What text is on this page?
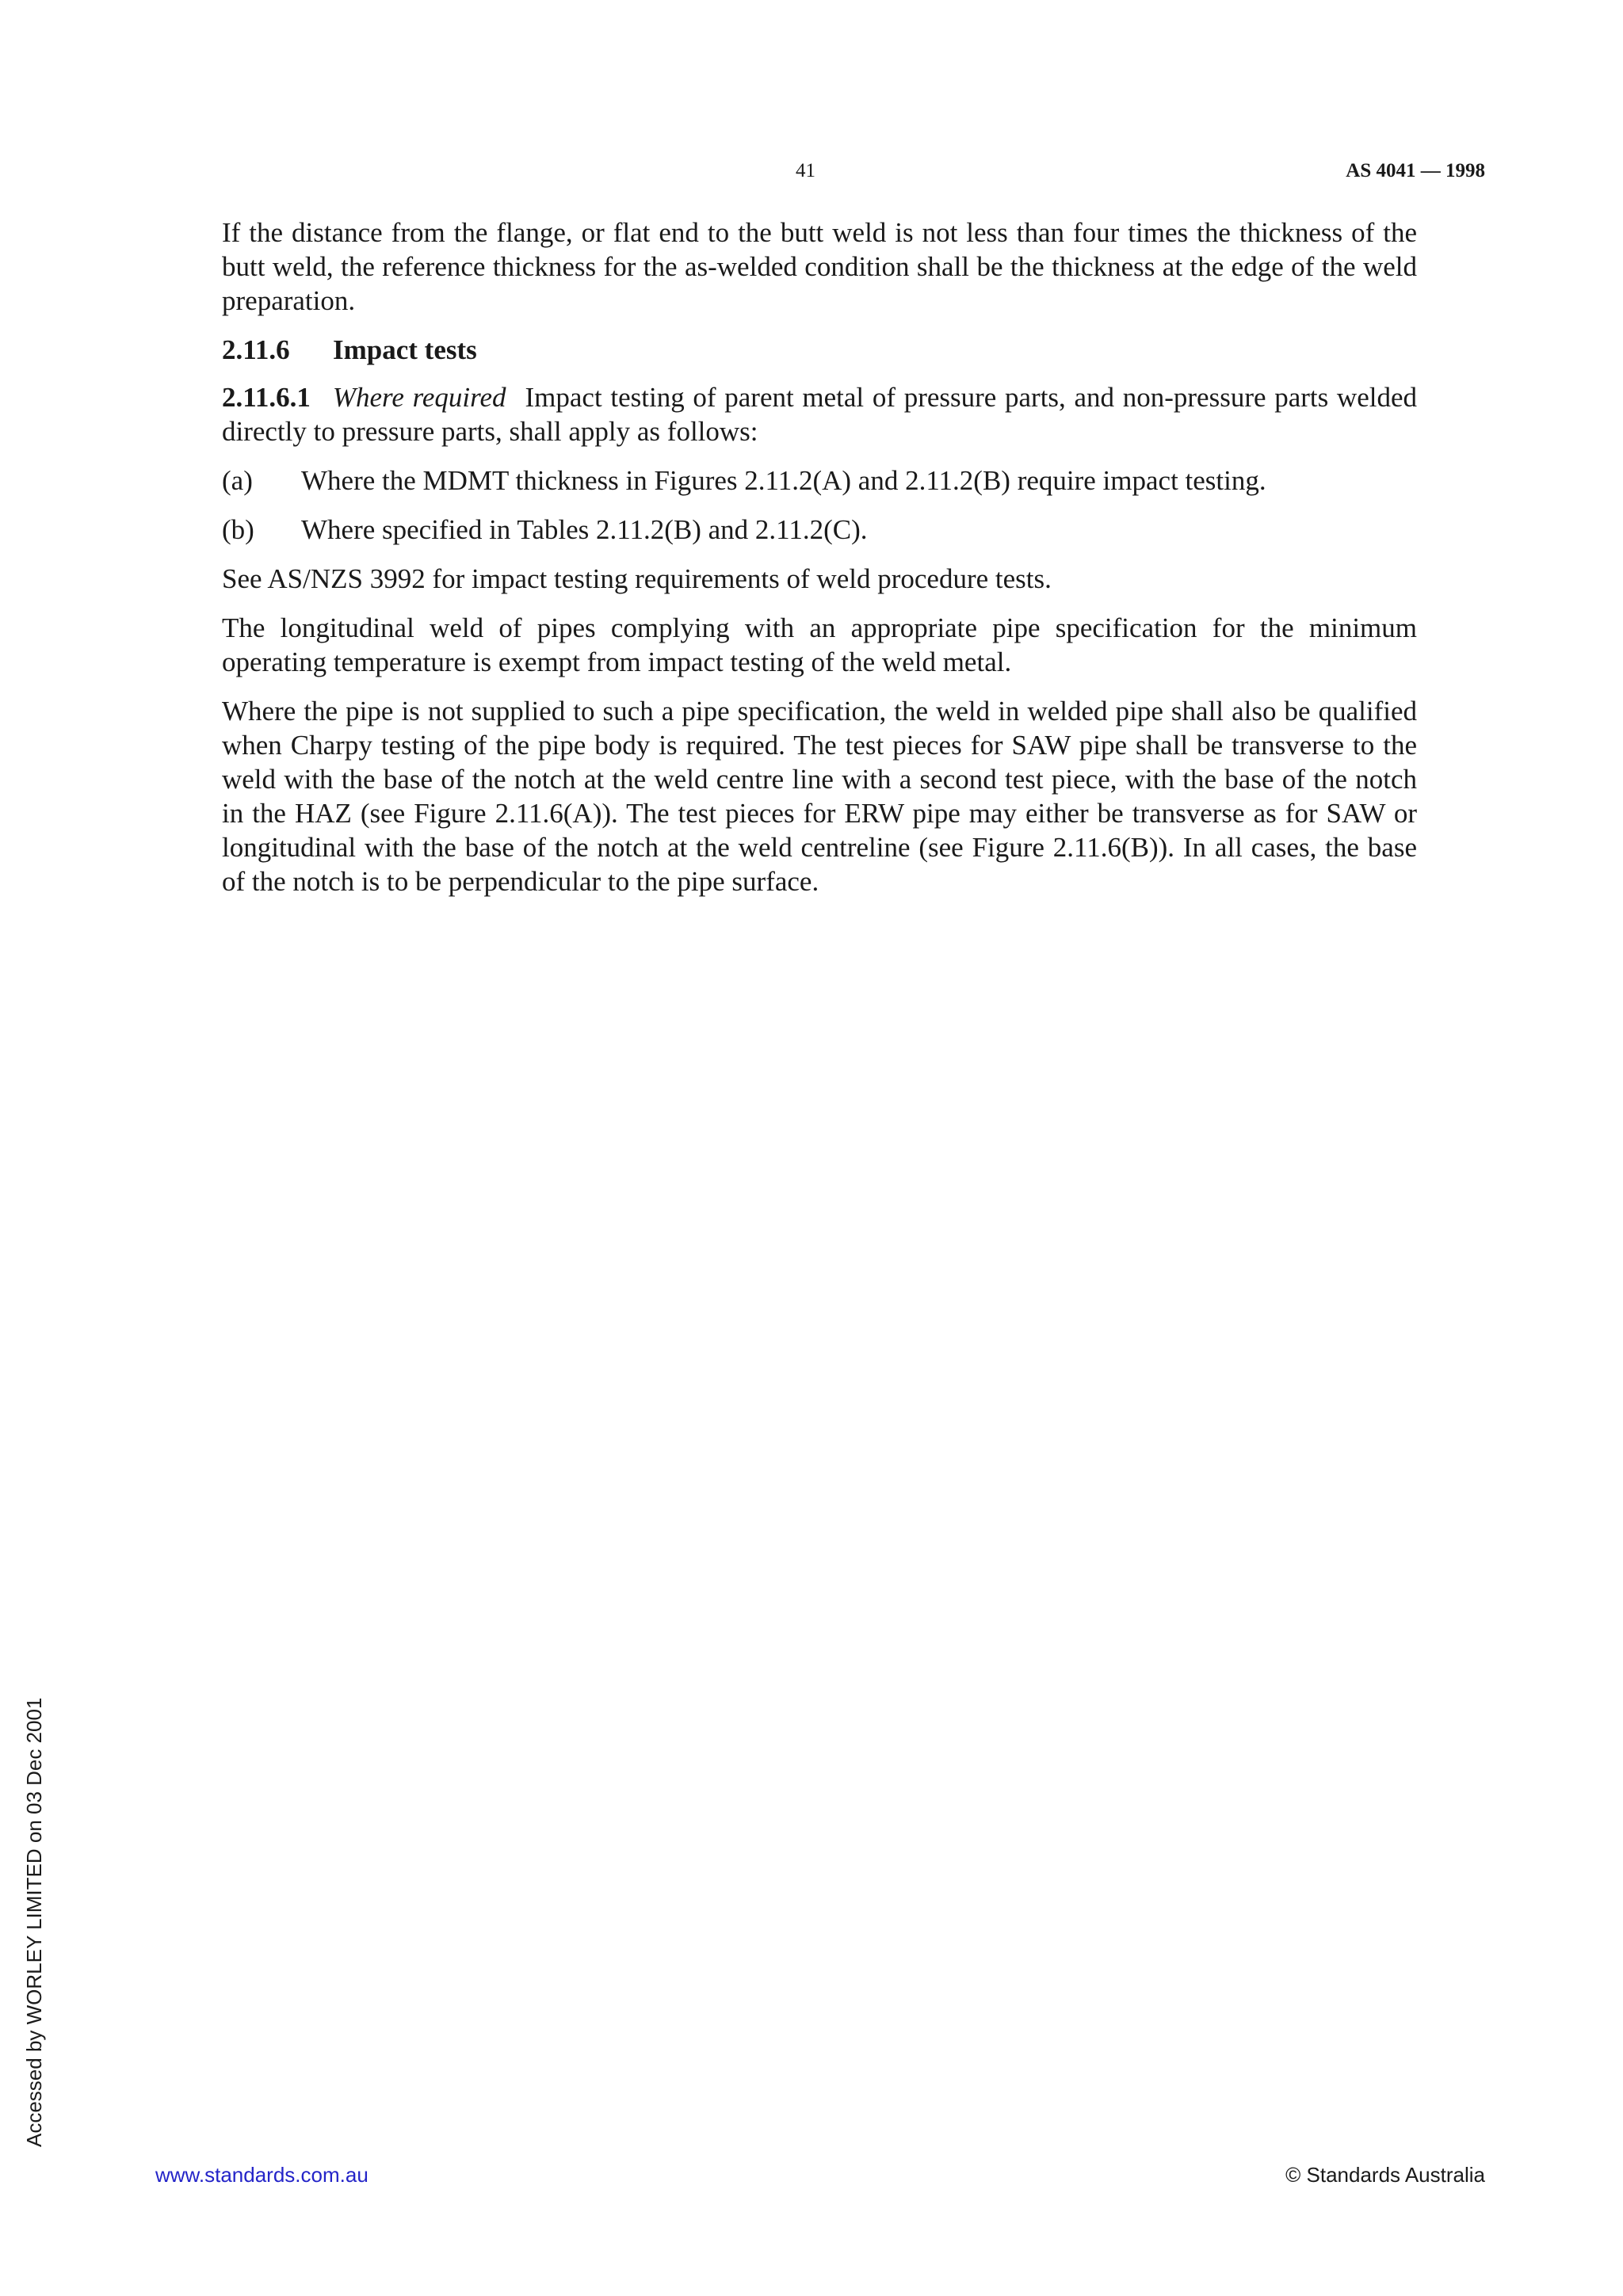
41	AS 4041 — 1998

If the distance from the flange, or flat end to the butt weld is not less than four times the thickness of the butt weld, the reference thickness for the as-welded condition shall be the thickness at the edge of the weld preparation.

2.11.6 Impact tests

2.11.6.1 Where required Impact testing of parent metal of pressure parts, and non-pressure parts welded directly to pressure parts, shall apply as follows:

(a)	Where the MDMT thickness in Figures 2.11.2(A) and 2.11.2(B) require impact testing.
(b)	Where specified in Tables 2.11.2(B) and 2.11.2(C).

See AS/NZS 3992 for impact testing requirements of weld procedure tests.

The longitudinal weld of pipes complying with an appropriate pipe specification for the minimum operating temperature is exempt from impact testing of the weld metal.

Where the pipe is not supplied to such a pipe specification, the weld in welded pipe shall also be qualified when Charpy testing of the pipe body is required. The test pieces for SAW pipe shall be transverse to the weld with the base of the notch at the weld centre line with a second test piece, with the base of the notch in the HAZ (see Figure 2.11.6(A)). The test pieces for ERW pipe may either be transverse as for SAW or longitudinal with the base of the notch at the weld centreline (see Figure 2.11.6(B)). In all cases, the base of the notch is to be perpendicular to the pipe surface.

Accessed by WORLEY LIMITED on 03 Dec 2001
www.standards.com.au	© Standards Australia
